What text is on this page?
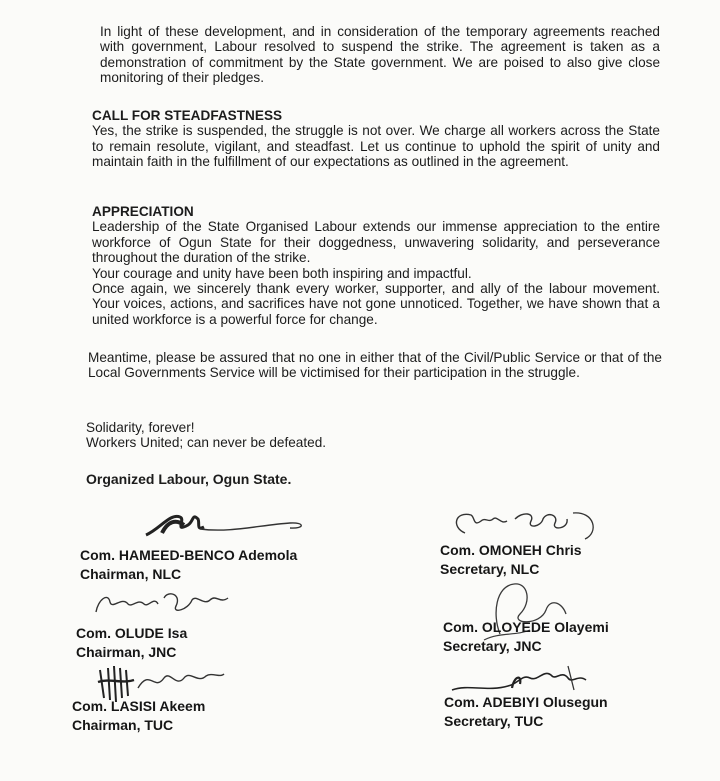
In light of these development, and in consideration of the temporary agreements reached with government, Labour resolved to suspend the strike. The agreement is taken as a demonstration of commitment by the State government. We are poised to also give close monitoring of their pledges.

CALL FOR STEADFASTNESS

Yes, the strike is suspended, the struggle is not over. We charge all workers across the State to remain resolute, vigilant, and steadfast. Let us continue to uphold the spirit of unity and maintain faith in the fulfillment of our expectations as outlined in the agreement.

APPRECIATION

Leadership of the State Organised Labour extends our immense appreciation to the entire workforce of Ogun State for their doggedness, unwavering solidarity, and perseverance throughout the duration of the strike.

Your courage and unity have been both inspiring and impactful.

Once again, we sincerely thank every worker, supporter, and ally of the labour movement. Your voices, actions, and sacrifices have not gone unnoticed. Together, we have shown that a united workforce is a powerful force for change.

Meantime, please be assured that no one in either that of the Civil/Public Service or that of the Local Governments Service will be victimised for their participation in the struggle.

Solidarity, forever!

Workers United; can never be defeated.

Organized Labour, Ogun State.

Com. HAMEED-BENCO Ademola
Chairman, NLC
Com. OMONEH Chris
Secretary, NLC
Com. OLUDE Isa
Chairman, JNC
Com. OLOYEDE Olayemi
Secretary, JNC
Com. LASISI Akeem
Chairman, TUC
Com. ADEBIYI Olusegun
Secretary, TUC
